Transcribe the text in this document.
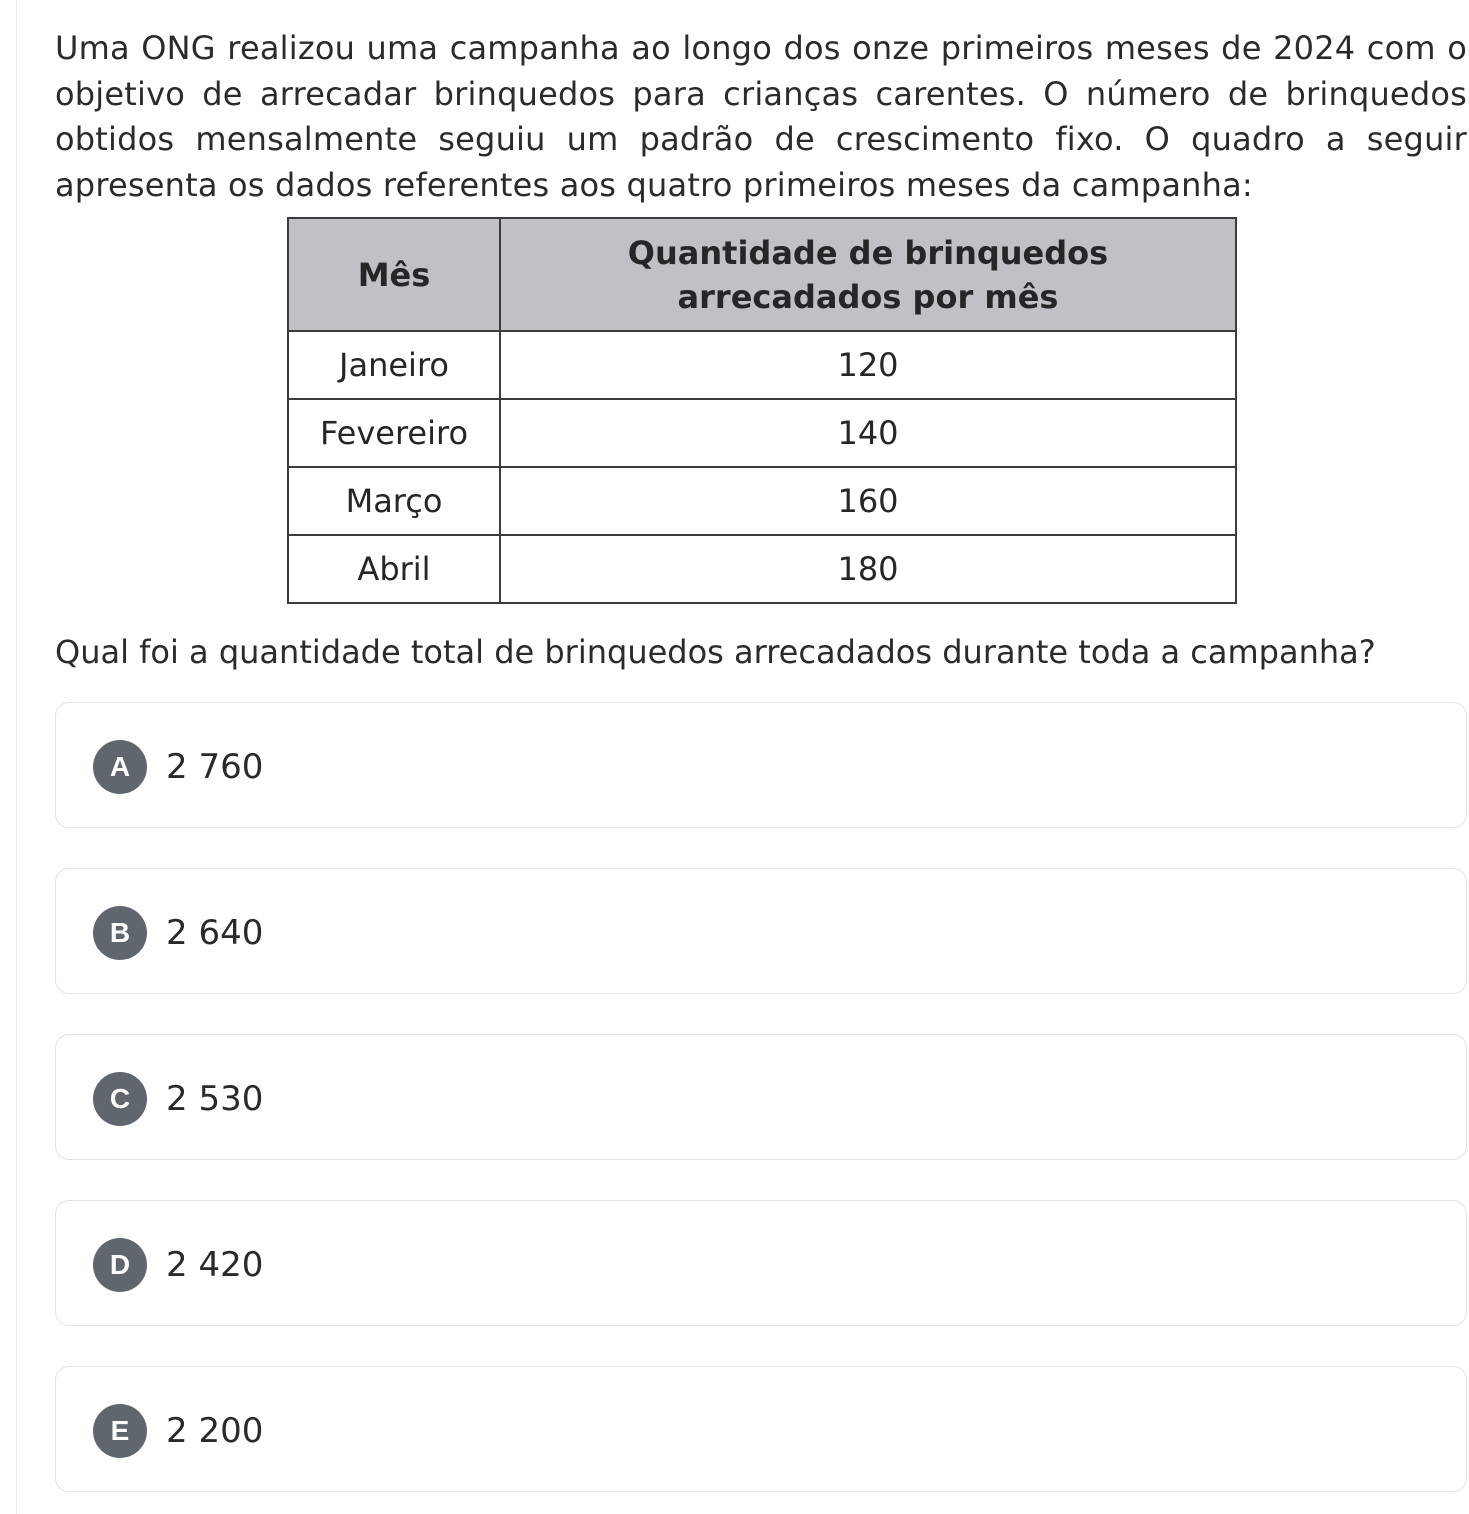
Uma ONG realizou uma campanha ao longo dos onze primeiros meses de 2024 com o objetivo de arrecadar brinquedos para crianças carentes. O número de brinquedos obtidos mensalmente seguiu um padrão de crescimento fixo. O quadro a seguir apresenta os dados referentes aos quatro primeiros meses da campanha:

Mês	Quantidade de brinquedos
arrecadados por mês
Janeiro	120
Fevereiro	140
Março	160
Abril	180

Qual foi a quantidade total de brinquedos arrecadados durante toda a campanha?

A	2 760
B	2 640
C	2 530
D	2 420
E	2 200
